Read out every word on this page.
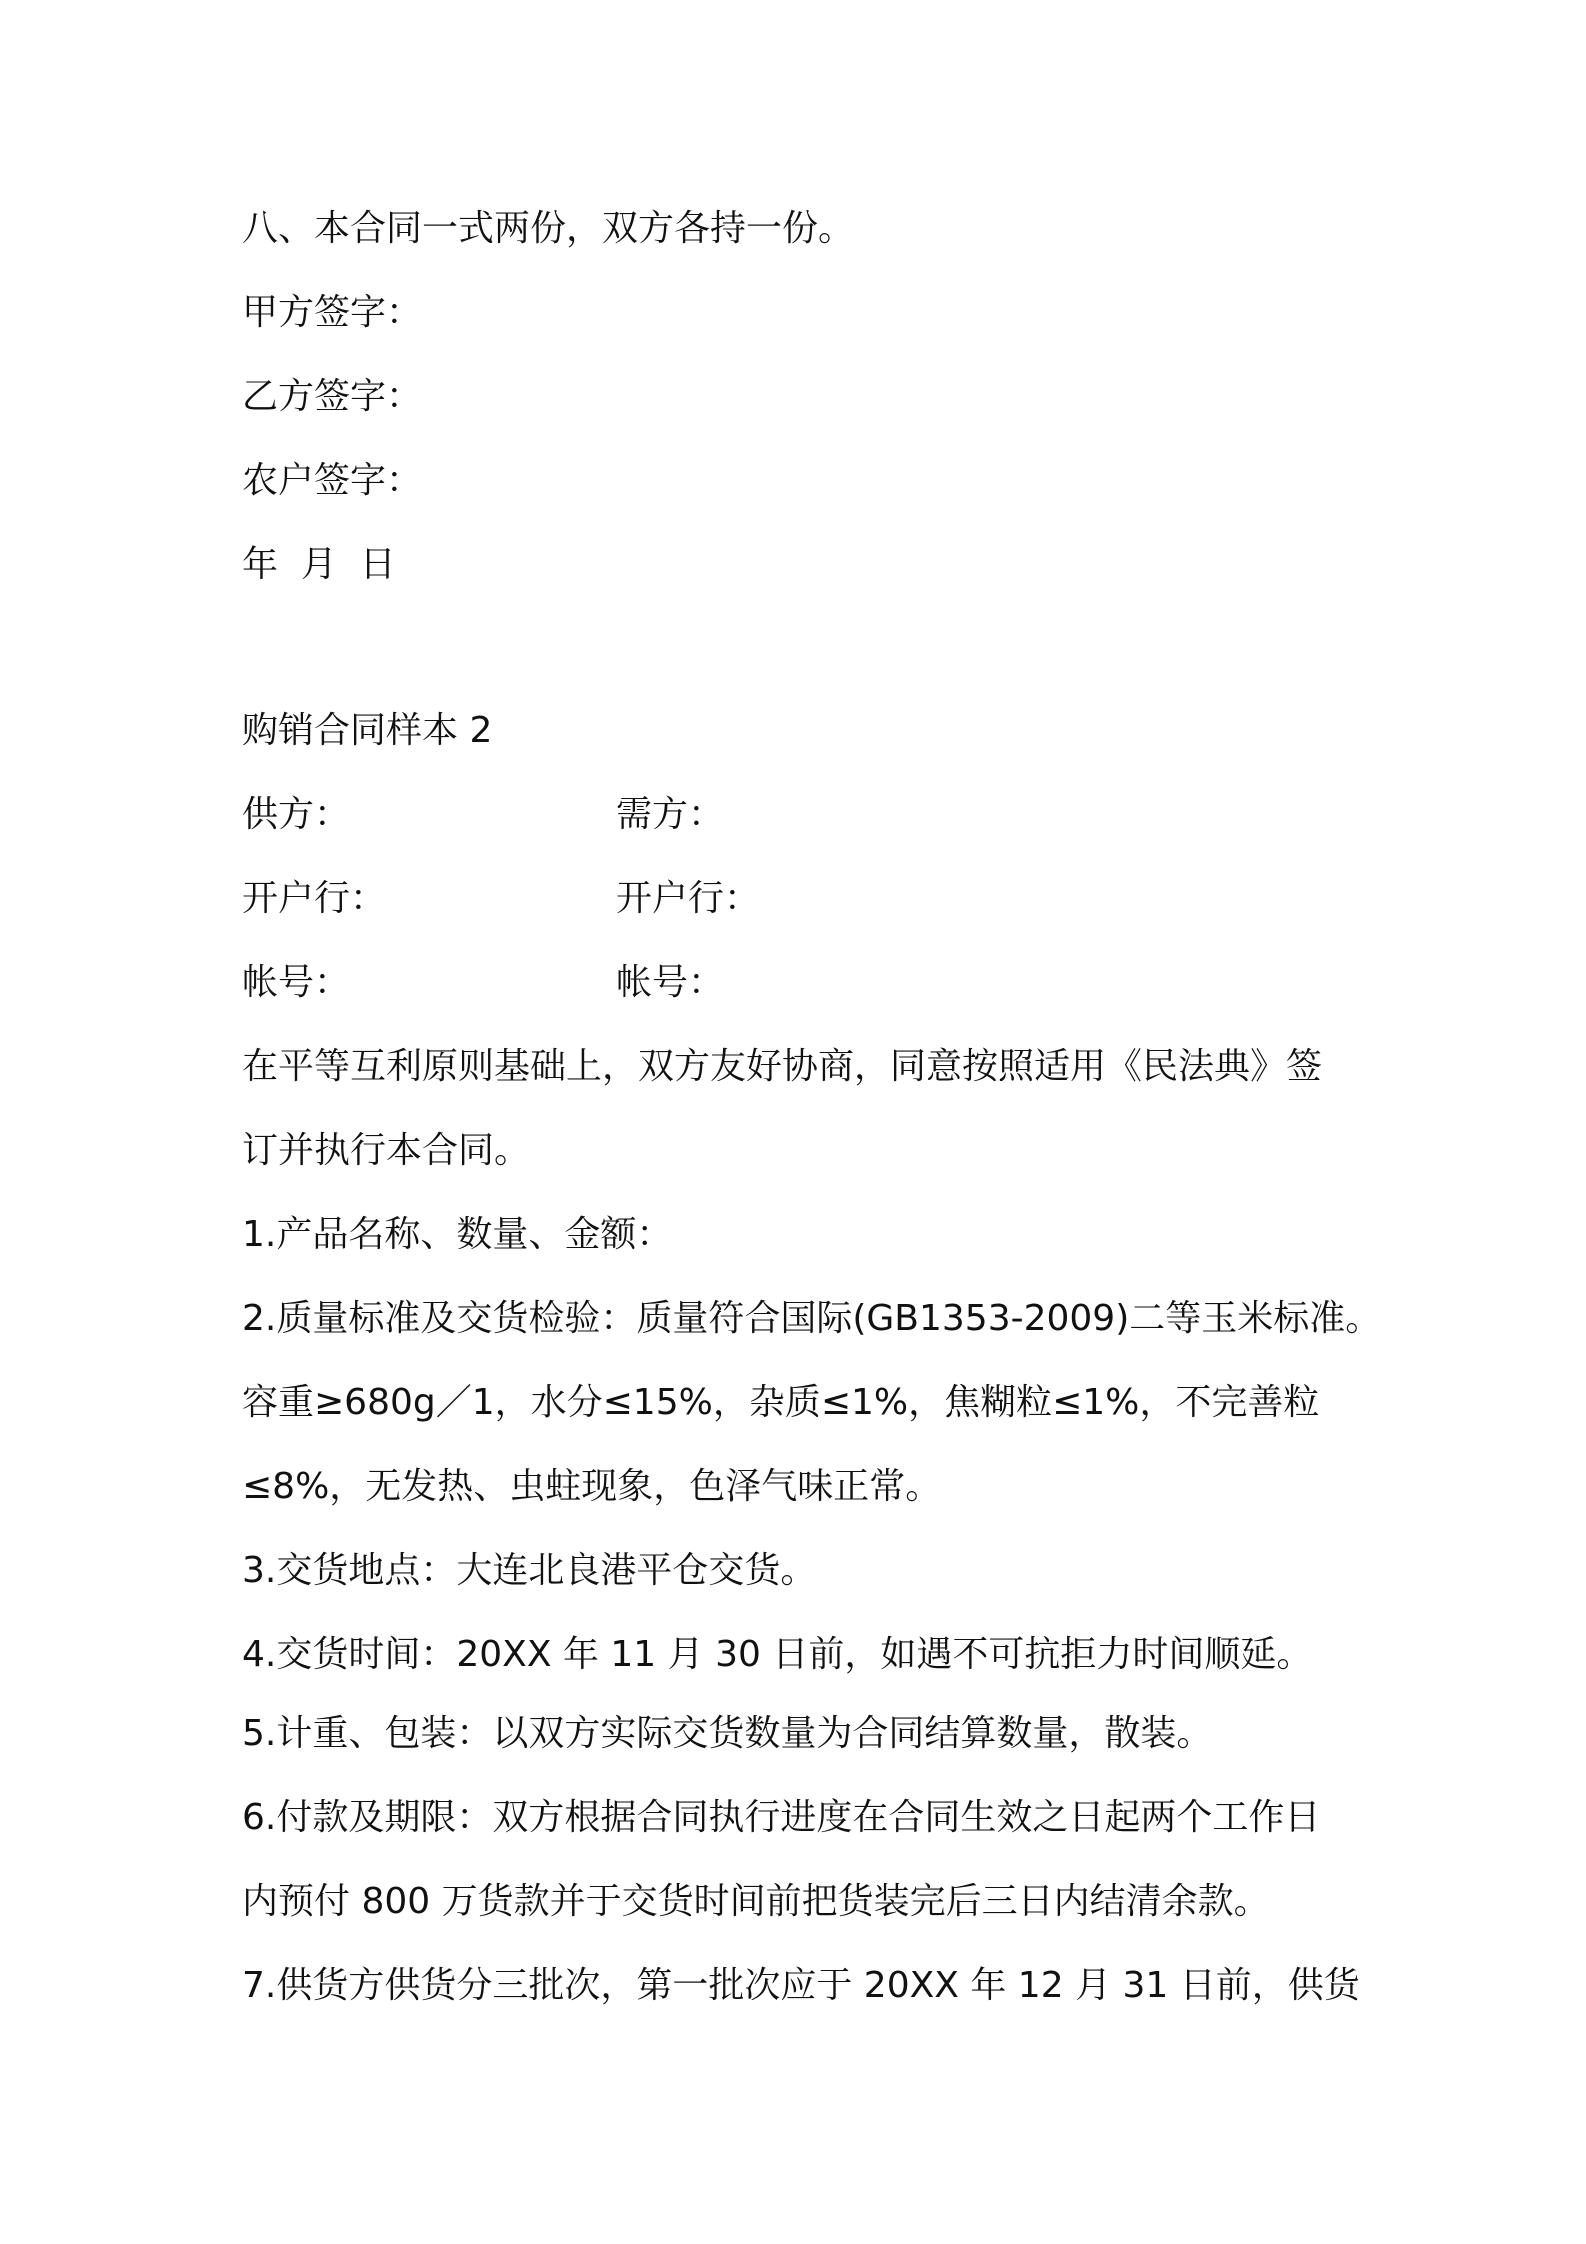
八、本合同一式两份，双方各持一份。
甲方签字：
乙方签字：
农户签字：
年  月  日
购销合同样本 2
供方：	需方：
开户行：	开户行：
帐号：	帐号：
在平等互利原则基础上，双方友好协商，同意按照适用《民法典》签
订并执行本合同。
1.产品名称、数量、金额：
2.质量标准及交货检验：质量符合国际(GB1353-2009)二等玉米标准。
容重≥680g／1，水分≤15%，杂质≤1%，焦糊粒≤1%，不完善粒
≤8%，无发热、虫蛀现象，色泽气味正常。
3.交货地点：大连北良港平仓交货。
4.交货时间：20XX 年 11 月 30 日前，如遇不可抗拒力时间顺延。
5.计重、包装：以双方实际交货数量为合同结算数量，散装。
6.付款及期限：双方根据合同执行进度在合同生效之日起两个工作日
内预付 800 万货款并于交货时间前把货装完后三日内结清余款。
7.供货方供货分三批次，第一批次应于 20XX 年 12 月 31 日前，供货
